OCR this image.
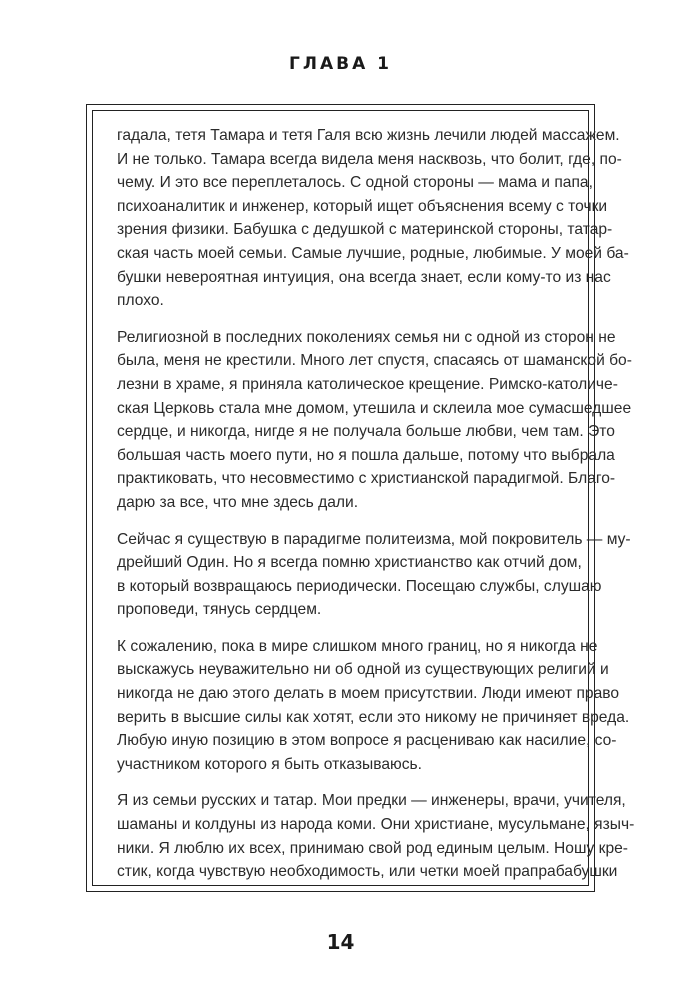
ГЛАВА 1

гадала, тетя Тамара и тетя Галя всю жизнь лечили людей массажем.
И не только. Тамара всегда видела меня насквозь, что болит, где, по-
чему. И это все переплеталось. С одной стороны — мама и папа,
психоаналитик и инженер, который ищет объяснения всему с точки
зрения физики. Бабушка с дедушкой с материнской стороны, татар-
ская часть моей семьи. Самые лучшие, родные, любимые. У моей ба-
бушки невероятная интуиция, она всегда знает, если кому-то из нас
плохо.

Религиозной в последних поколениях семья ни с одной из сторон не
была, меня не крестили. Много лет спустя, спасаясь от шаманской бо-
лезни в храме, я приняла католическое крещение. Римско-католиче-
ская Церковь стала мне домом, утешила и склеила мое сумасшедшее
сердце, и никогда, нигде я не получала больше любви, чем там. Это
большая часть моего пути, но я пошла дальше, потому что выбрала
практиковать, что несовместимо с христианской парадигмой. Благо-
дарю за все, что мне здесь дали.

Сейчас я существую в парадигме политеизма, мой покровитель — му-
дрейший Один. Но я всегда помню христианство как отчий дом,
в который возвращаюсь периодически. Посещаю службы, слушаю
проповеди, тянусь сердцем.

К сожалению, пока в мире слишком много границ, но я никогда не
выскажусь неуважительно ни об одной из существующих религий и
никогда не даю этого делать в моем присутствии. Люди имеют право
верить в высшие силы как хотят, если это никому не причиняет вреда.
Любую иную позицию в этом вопросе я расцениваю как насилие, со-
участником которого я быть отказываюсь.

Я из семьи русских и татар. Мои предки — инженеры, врачи, учителя,
шаманы и колдуны из народа коми. Они христиане, мусульмане, языч-
ники. Я люблю их всех, принимаю свой род единым целым. Ношу кре-
стик, когда чувствую необходимость, или четки моей прапрабабушки

14
